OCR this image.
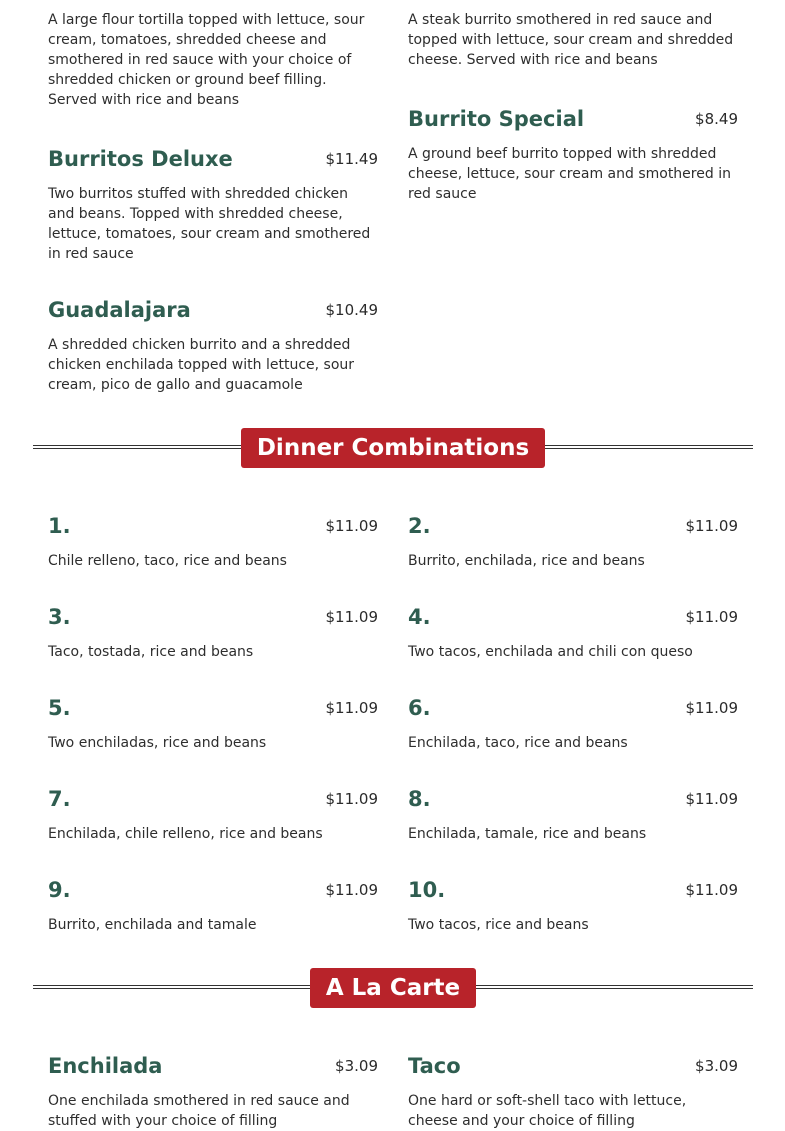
A large flour tortilla topped with lettuce, sour cream, tomatoes, shredded cheese and smothered in red sauce with your choice of shredded chicken or ground beef filling. Served with rice and beans
A steak burrito smothered in red sauce and topped with lettuce, sour cream and shredded cheese. Served with rice and beans
Burritos Deluxe	$11.49
Two burritos stuffed with shredded chicken and beans. Topped with shredded cheese, lettuce, tomatoes, sour cream and smothered in red sauce
Burrito Special	$8.49
A ground beef burrito topped with shredded cheese, lettuce, sour cream and smothered in red sauce
Guadalajara	$10.49
A shredded chicken burrito and a shredded chicken enchilada topped with lettuce, sour cream, pico de gallo and guacamole
Dinner Combinations
1.	$11.09
Chile relleno, taco, rice and beans
2.	$11.09
Burrito, enchilada, rice and beans
3.	$11.09
Taco, tostada, rice and beans
4.	$11.09
Two tacos, enchilada and chili con queso
5.	$11.09
Two enchiladas, rice and beans
6.	$11.09
Enchilada, taco, rice and beans
7.	$11.09
Enchilada, chile relleno, rice and beans
8.	$11.09
Enchilada, tamale, rice and beans
9.	$11.09
Burrito, enchilada and tamale
10.	$11.09
Two tacos, rice and beans
A La Carte
Enchilada	$3.09
One enchilada smothered in red sauce and stuffed with your choice of filling
Taco	$3.09
One hard or soft-shell taco with lettuce, cheese and your choice of filling
